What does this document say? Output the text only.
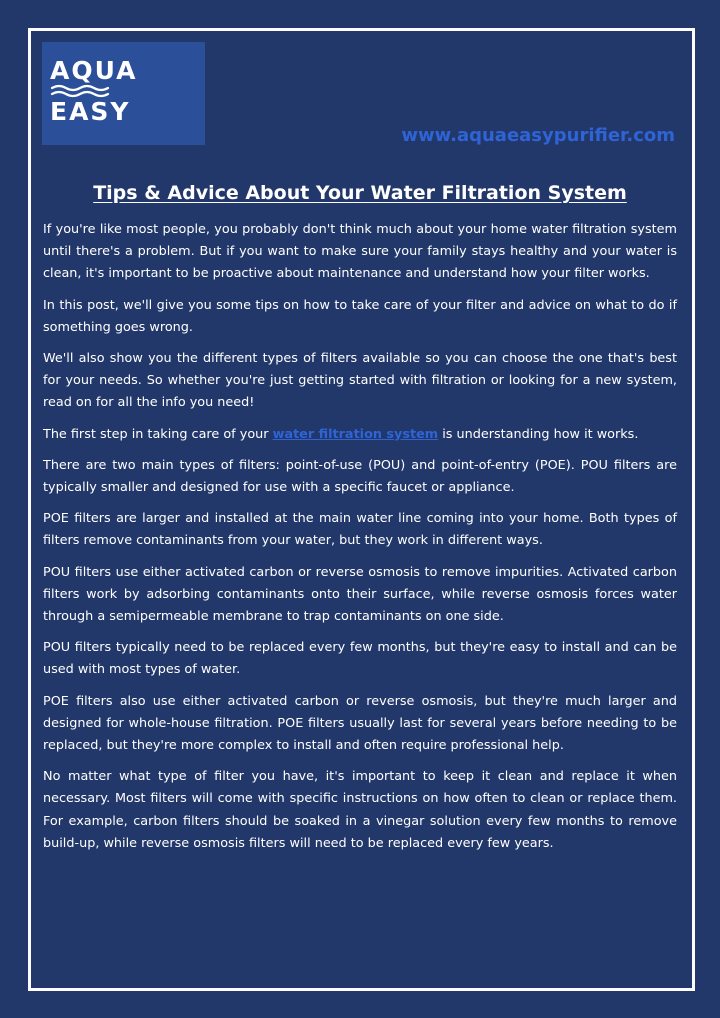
AQUA
EASY
www.aquaeasypurifier.com
Tips & Advice About Your Water Filtration System

If you're like most people, you probably don't think much about your home water filtration system until there's a problem. But if you want to make sure your family stays healthy and your water is clean, it's important to be proactive about maintenance and understand how your filter works.

In this post, we'll give you some tips on how to take care of your filter and advice on what to do if something goes wrong.

We'll also show you the different types of filters available so you can choose the one that's best for your needs. So whether you're just getting started with filtration or looking for a new system, read on for all the info you need!

The first step in taking care of your water filtration system is understanding how it works.

There are two main types of filters: point-of-use (POU) and point-of-entry (POE). POU filters are typically smaller and designed for use with a specific faucet or appliance.

POE filters are larger and installed at the main water line coming into your home. Both types of filters remove contaminants from your water, but they work in different ways.

POU filters use either activated carbon or reverse osmosis to remove impurities. Activated carbon filters work by adsorbing contaminants onto their surface, while reverse osmosis forces water through a semipermeable membrane to trap contaminants on one side.

POU filters typically need to be replaced every few months, but they're easy to install and can be used with most types of water.

POE filters also use either activated carbon or reverse osmosis, but they're much larger and designed for whole-house filtration. POE filters usually last for several years before needing to be replaced, but they're more complex to install and often require professional help.

No matter what type of filter you have, it's important to keep it clean and replace it when necessary. Most filters will come with specific instructions on how often to clean or replace them. For example, carbon filters should be soaked in a vinegar solution every few months to remove build-up, while reverse osmosis filters will need to be replaced every few years.
